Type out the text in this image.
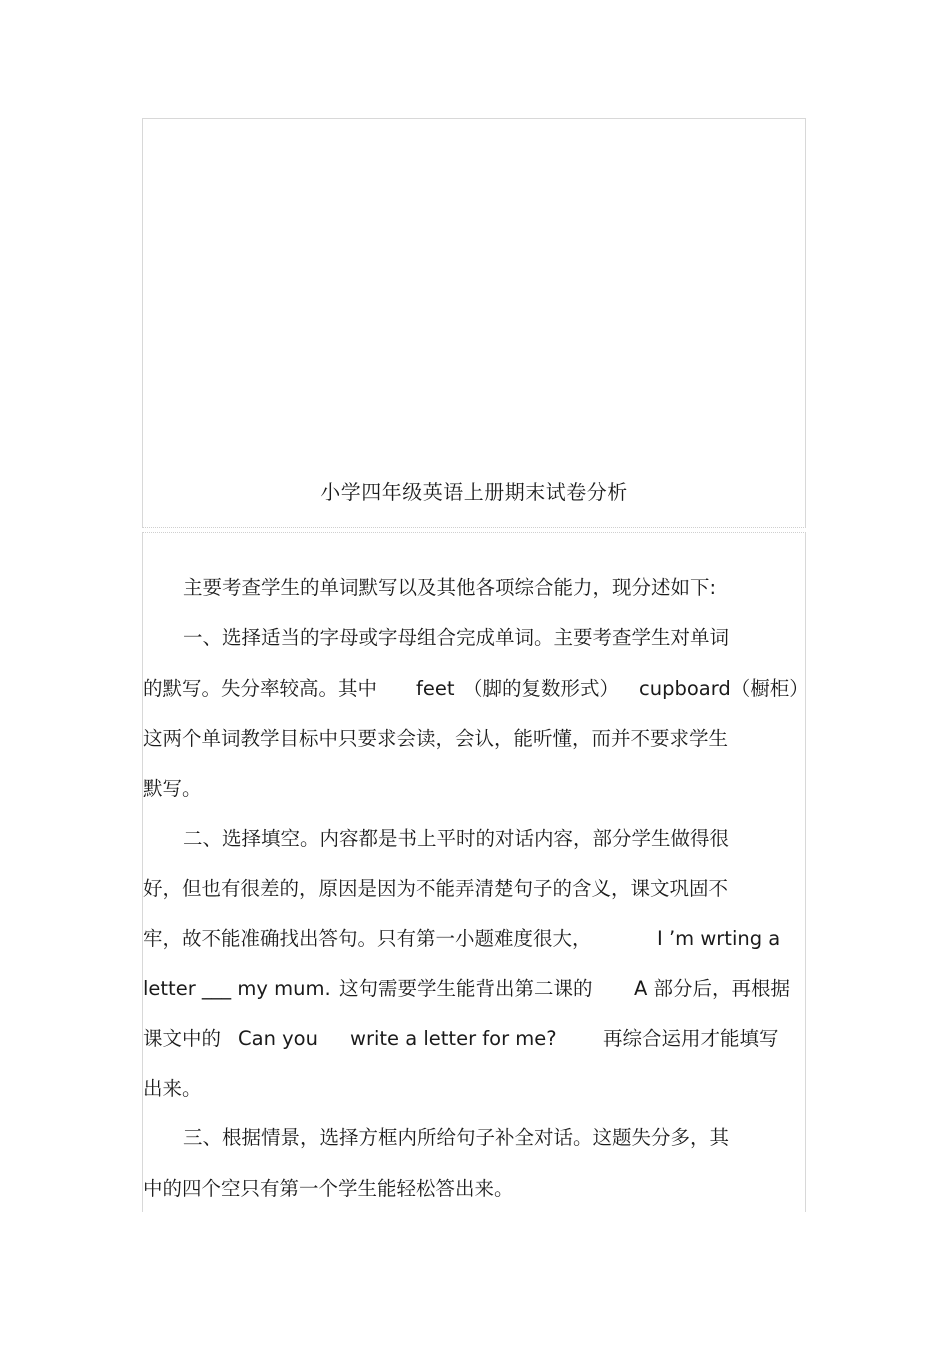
小学四年级英语上册期末试卷分析

主要考查学生的单词默写以及其他各项综合能力，现分述如下:

一、选择适当的字母或字母组合完成单词。主要考查学生对单词

的默写。失分率较高。其中 feet （脚的复数形式） cupboard（橱柜）

这两个单词教学目标中只要求会读，会认，能听懂，而并不要求学生

默写。

二、选择填空。内容都是书上平时的对话内容，部分学生做得很

好，但也有很差的，原因是因为不能弄清楚句子的含义，课文巩固不

牢，故不能准确找出答句。只有第一小题难度很大，	I ’m wrting a

letter ___ my mum. 这句需要学生能背出第二课的 A 部分后，再根据

课文中的 Can you write a letter for me? 再综合运用才能填写

出来。

三、根据情景，选择方框内所给句子补全对话。这题失分多，其

中的四个空只有第一个学生能轻松答出来。
